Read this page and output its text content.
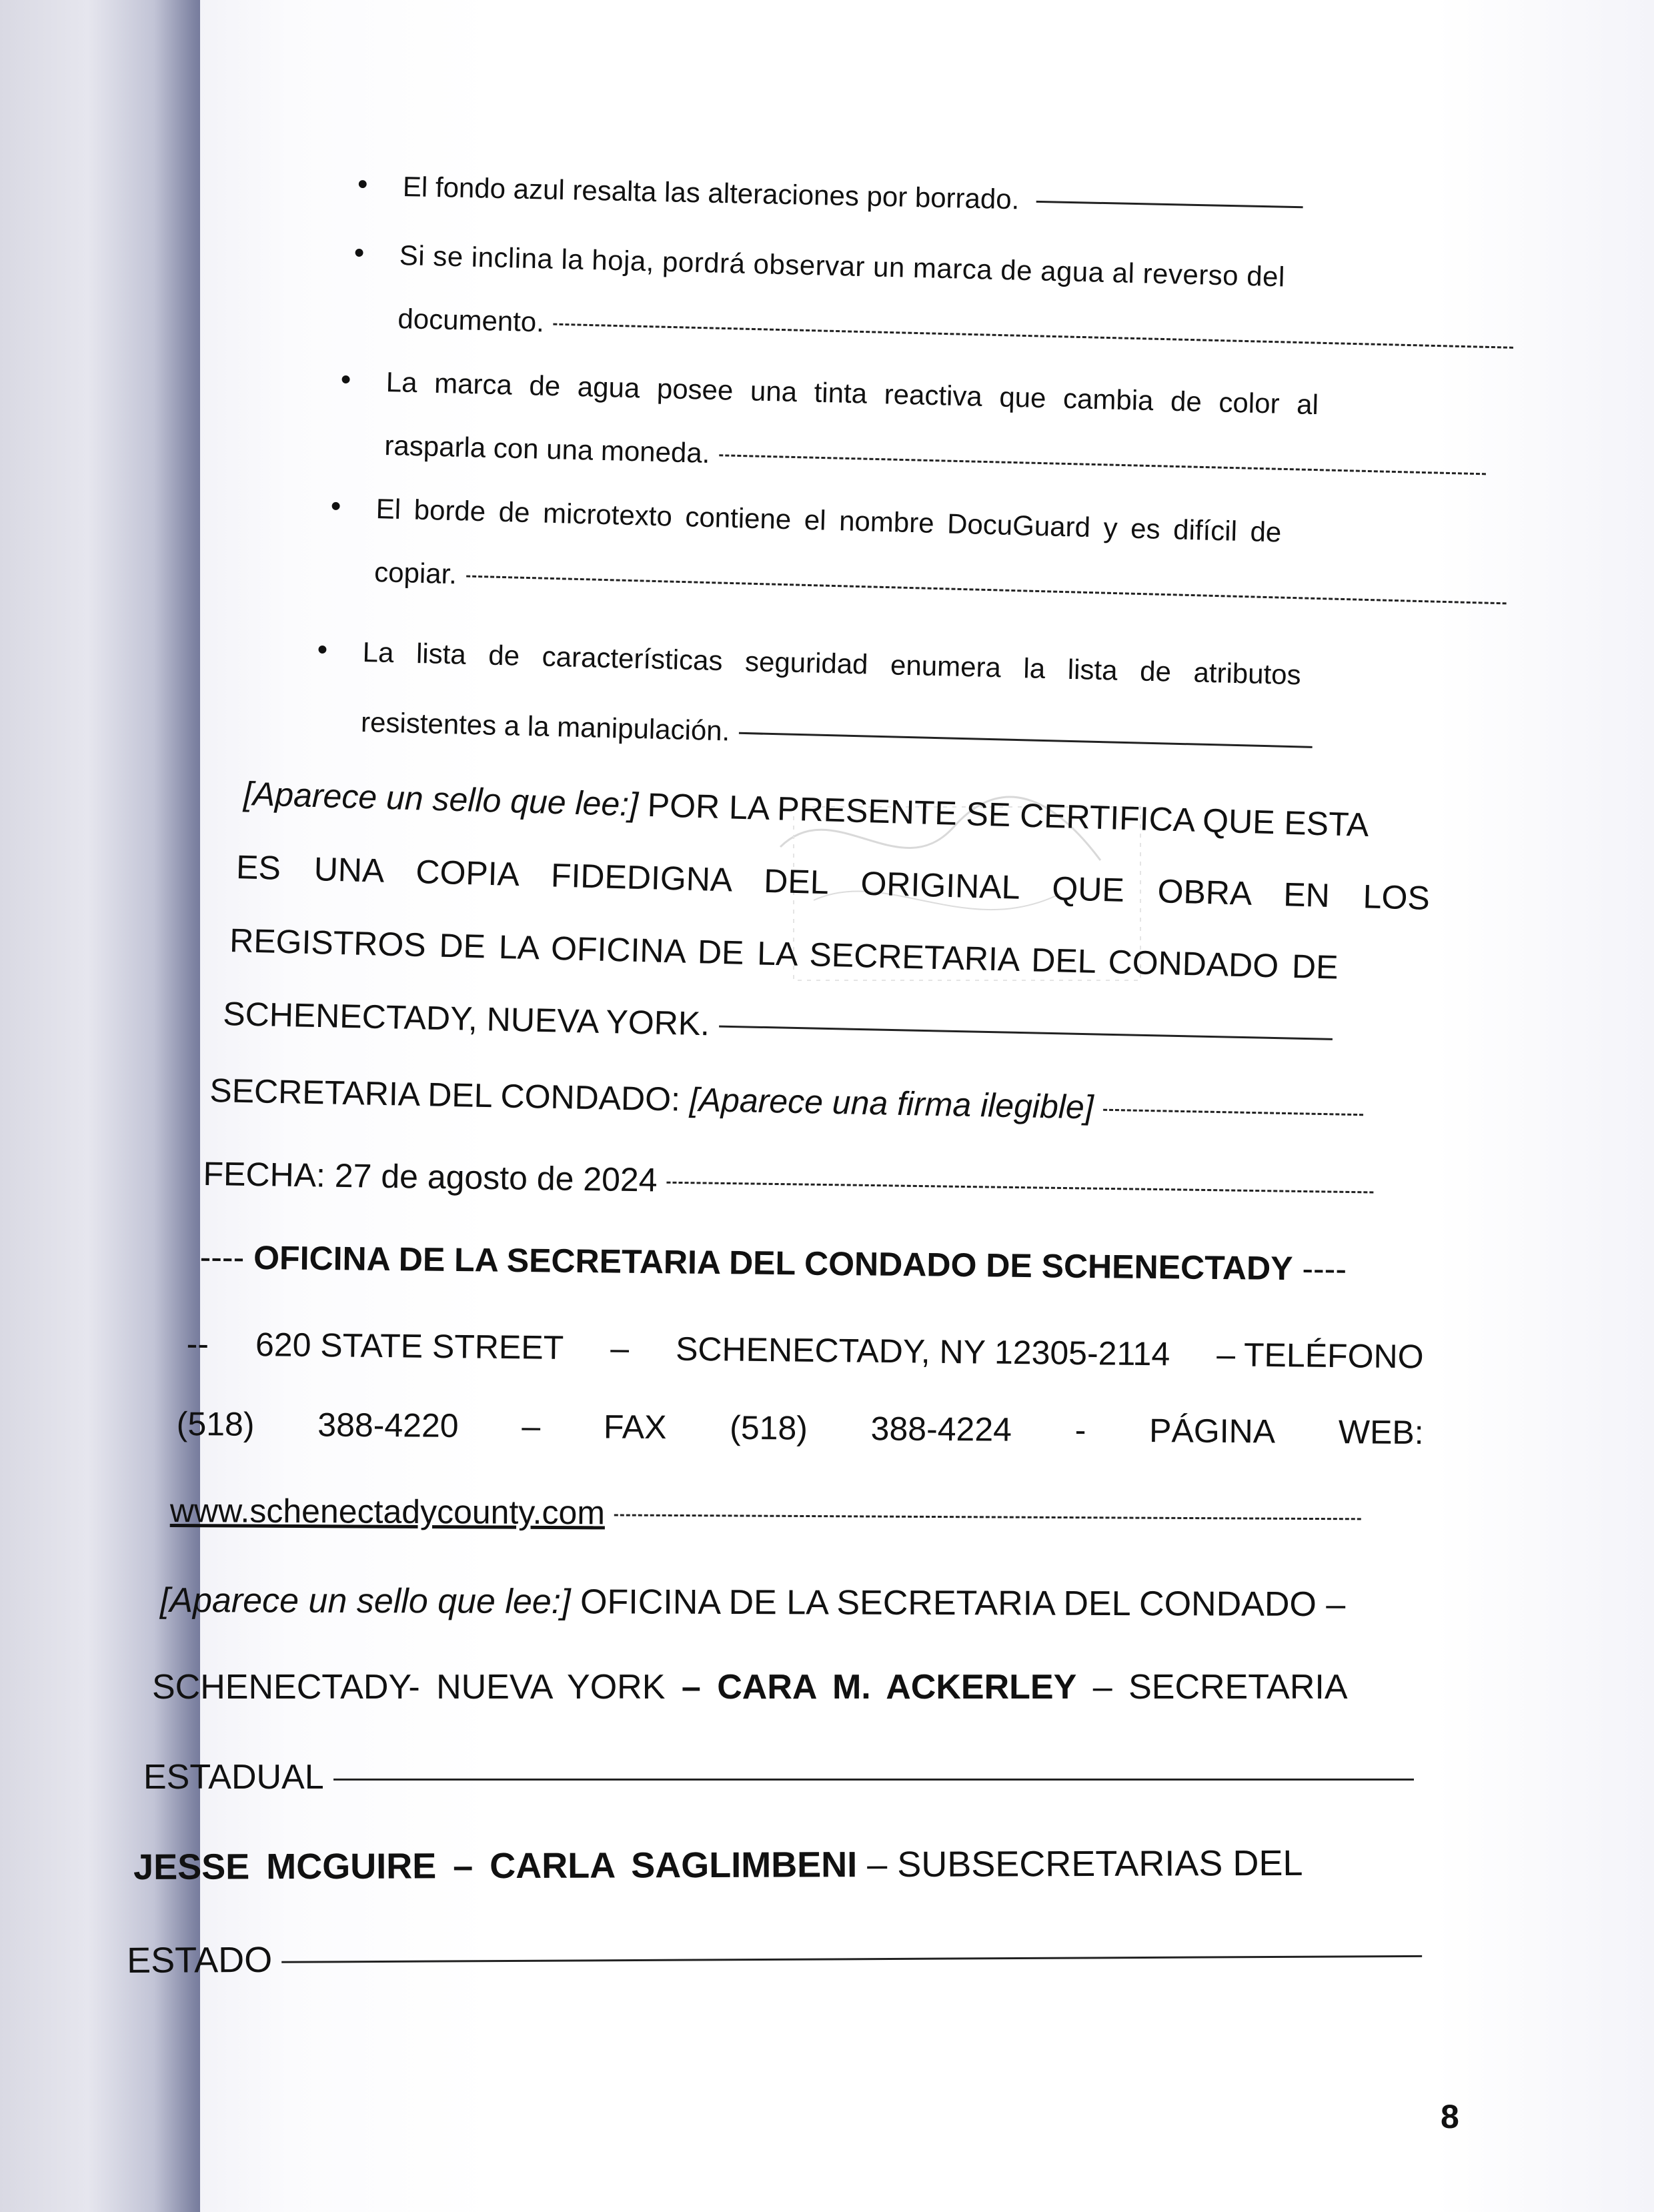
• El fondo azul resalta las alteraciones por borrado.
• Si se inclina la hoja, pordrá observar un marca de agua al reverso del
documento.
• La marca de agua posee una tinta reactiva que cambia de color al
rasparla con una moneda.
• El borde de microtexto contiene el nombre DocuGuard y es difícil de
copiar.
• La lista de características seguridad enumera la lista de atributos
resistentes a la manipulación.
[Aparece un sello que lee:] POR LA PRESENTE SE CERTIFICA QUE ESTA
ES UNA COPIA FIDEDIGNA DEL ORIGINAL QUE OBRA EN LOS
REGISTROS DE LA OFICINA DE LA SECRETARIA DEL CONDADO DE
SCHENECTADY, NUEVA YORK.
SECRETARIA DEL CONDADO: [Aparece una firma ilegible]
FECHA: 27 de agosto de 2024
---- OFICINA DE LA SECRETARIA DEL CONDADO DE SCHENECTADY ----
-- 620 STATE STREET – SCHENECTADY, NY 12305-2114 – TELÉFONO
(518) 388-4220 – FAX (518) 388-4224 - PÁGINA WEB:
www.schenectadycounty.com
[Aparece un sello que lee:] OFICINA DE LA SECRETARIA DEL CONDADO –
SCHENECTADY- NUEVA YORK – CARA M. ACKERLEY – SECRETARIA
ESTADUAL
JESSE MCGUIRE – CARLA SAGLIMBENI – SUBSECRETARIAS DEL
ESTADO
8
